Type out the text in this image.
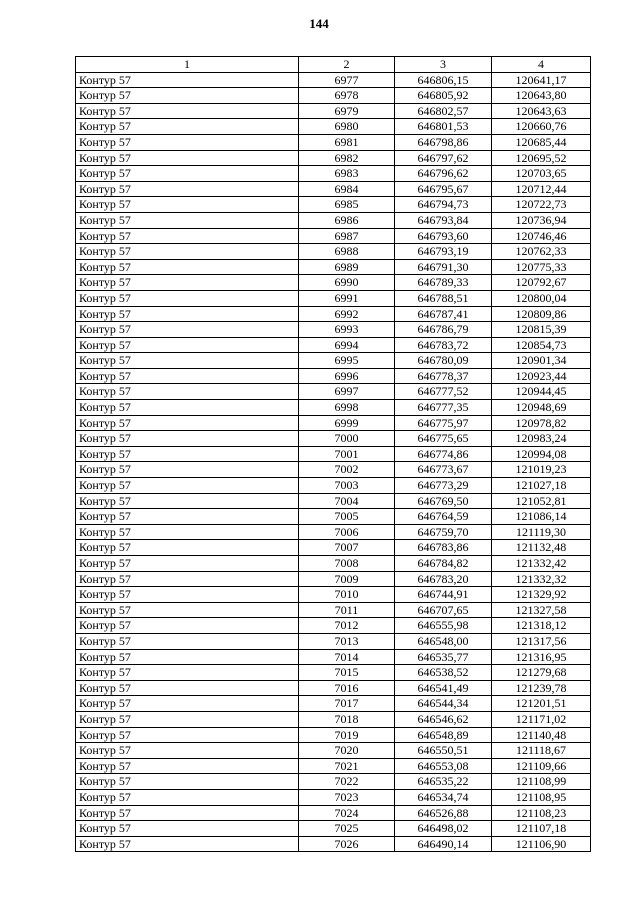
144
1	2	3	4
Контур 57	6977	646806,15	120641,17
Контур 57	6978	646805,92	120643,80
Контур 57	6979	646802,57	120643,63
Контур 57	6980	646801,53	120660,76
Контур 57	6981	646798,86	120685,44
Контур 57	6982	646797,62	120695,52
Контур 57	6983	646796,62	120703,65
Контур 57	6984	646795,67	120712,44
Контур 57	6985	646794,73	120722,73
Контур 57	6986	646793,84	120736,94
Контур 57	6987	646793,60	120746,46
Контур 57	6988	646793,19	120762,33
Контур 57	6989	646791,30	120775,33
Контур 57	6990	646789,33	120792,67
Контур 57	6991	646788,51	120800,04
Контур 57	6992	646787,41	120809,86
Контур 57	6993	646786,79	120815,39
Контур 57	6994	646783,72	120854,73
Контур 57	6995	646780,09	120901,34
Контур 57	6996	646778,37	120923,44
Контур 57	6997	646777,52	120944,45
Контур 57	6998	646777,35	120948,69
Контур 57	6999	646775,97	120978,82
Контур 57	7000	646775,65	120983,24
Контур 57	7001	646774,86	120994,08
Контур 57	7002	646773,67	121019,23
Контур 57	7003	646773,29	121027,18
Контур 57	7004	646769,50	121052,81
Контур 57	7005	646764,59	121086,14
Контур 57	7006	646759,70	121119,30
Контур 57	7007	646783,86	121132,48
Контур 57	7008	646784,82	121332,42
Контур 57	7009	646783,20	121332,32
Контур 57	7010	646744,91	121329,92
Контур 57	7011	646707,65	121327,58
Контур 57	7012	646555,98	121318,12
Контур 57	7013	646548,00	121317,56
Контур 57	7014	646535,77	121316,95
Контур 57	7015	646538,52	121279,68
Контур 57	7016	646541,49	121239,78
Контур 57	7017	646544,34	121201,51
Контур 57	7018	646546,62	121171,02
Контур 57	7019	646548,89	121140,48
Контур 57	7020	646550,51	121118,67
Контур 57	7021	646553,08	121109,66
Контур 57	7022	646535,22	121108,99
Контур 57	7023	646534,74	121108,95
Контур 57	7024	646526,88	121108,23
Контур 57	7025	646498,02	121107,18
Контур 57	7026	646490,14	121106,90
